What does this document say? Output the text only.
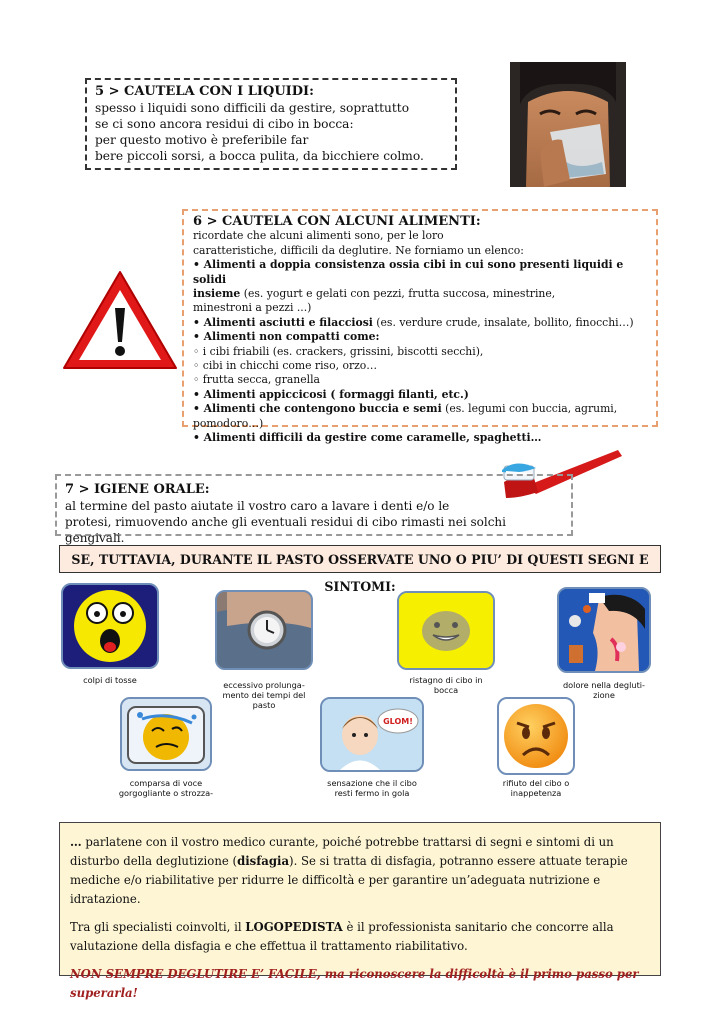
5 > CAUTELA CON I LIQUIDI:
spesso i liquidi sono difficili da gestire, soprattutto
se ci sono ancora residui di cibo in bocca:
per questo motivo è preferibile far
bere piccoli sorsi, a bocca pulita, da bicchiere colmo.
6 > CAUTELA CON ALCUNI ALIMENTI:
ricordate che alcuni alimenti sono, per le loro
caratteristiche, difficili da deglutire. Ne forniamo un elenco:
• Alimenti a doppia consistenza ossia cibi in cui sono presenti liquidi e solidi
insieme (es. yogurt e gelati con pezzi, frutta succosa, minestrine,
minestroni a pezzi ...)
• Alimenti asciutti e filacciosi (es. verdure crude, insalate, bollito, finocchi…)
• Alimenti non compatti come:
◦ i cibi friabili (es. crackers, grissini, biscotti secchi),
◦ cibi in chicchi come riso, orzo…
◦ frutta secca, granella
• Alimenti appiccicosi ( formaggi filanti, etc.)
• Alimenti che contengono buccia e semi (es. legumi con buccia, agrumi, pomodoro…)
• Alimenti difficili da gestire come caramelle, spaghetti…
7 > IGIENE ORALE:
al termine del pasto aiutate il vostro caro a lavare i denti e/o le
protesi, rimuovendo anche gli eventuali residui di cibo rimasti nei solchi gengivali.
SE, TUTTAVIA, DURANTE IL PASTO OSSERVATE UNO O PIU’ DI QUESTI SEGNI E SINTOMI:
colpi di tosse	eccessivo prolunga-
mento dei tempi del
pasto
ristagno di cibo in
bocca	dolore nella degluti-
zione
comparsa di voce
gorgogliante o strozza-
GLOM!
sensazione che il cibo
resti fermo in gola
rifiuto del cibo o
inappetenza

… parlatene con il vostro medico curante, poiché potrebbe trattarsi di segni e sintomi di un disturbo della deglutizione (disfagia). Se si tratta di disfagia, potranno essere attuate terapie mediche e/o riabilitative per ridurre le difficoltà e per garantire un’adeguata nutrizione e idratazione.

Tra gli specialisti coinvolti, il LOGOPEDISTA è il professionista sanitario che concorre alla valutazione della disfagia e che effettua il trattamento riabilitativo.

NON SEMPRE DEGLUTIRE E’ FACILE, ma riconoscere la difficoltà è il primo passo per superarla!
